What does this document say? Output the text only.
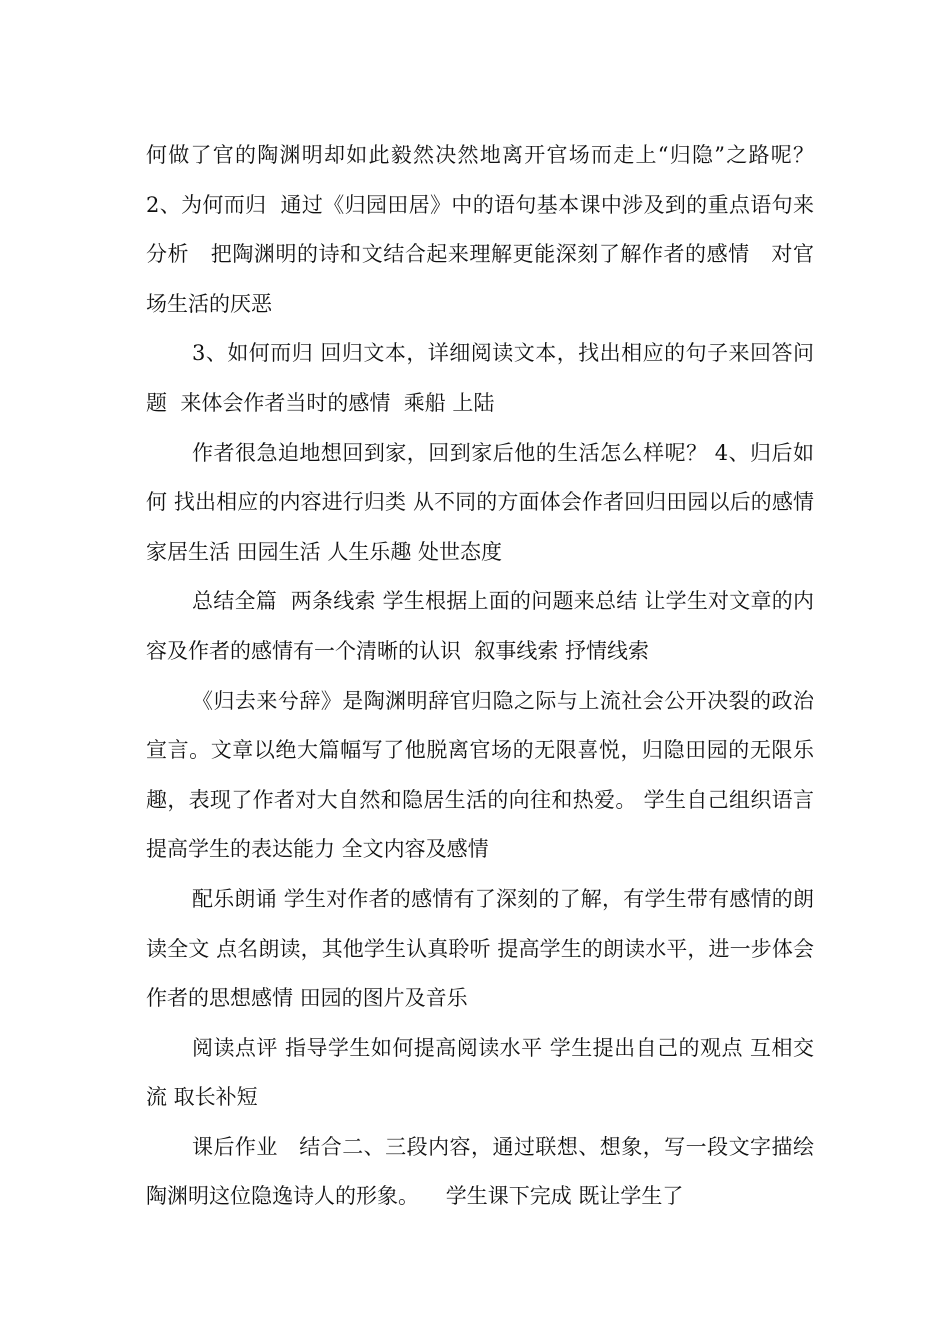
何做了官的陶渊明却如此毅然决然地离开官场而走上“归隐”之路呢？ 2、为何而归  通过《归园田居》中的语句基本课中涉及到的重点语句来分析   把陶渊明的诗和文结合起来理解更能深刻了解作者的感情   对官场生活的厌恶

3、如何而归 回归文本，详细阅读文本，找出相应的句子来回答问题  来体会作者当时的感情  乘船 上陆

作者很急迫地想回到家，回到家后他的生活怎么样呢？ 4、归后如何 找出相应的内容进行归类 从不同的方面体会作者回归田园以后的感情 家居生活 田园生活 人生乐趣 处世态度

总结全篇  两条线索 学生根据上面的问题来总结 让学生对文章的内容及作者的感情有一个清晰的认识  叙事线索 抒情线索

《归去来兮辞》是陶渊明辞官归隐之际与上流社会公开决裂的政治宣言。文章以绝大篇幅写了他脱离官场的无限喜悦，归隐田园的无限乐趣，表现了作者对大自然和隐居生活的向往和热爱。 学生自己组织语言  提高学生的表达能力 全文内容及感情

配乐朗诵 学生对作者的感情有了深刻的了解，有学生带有感情的朗读全文 点名朗读，其他学生认真聆听 提高学生的朗读水平，进一步体会作者的思想感情 田园的图片及音乐

阅读点评 指导学生如何提高阅读水平 学生提出自己的观点 互相交流 取长补短

课后作业   结合二、三段内容，通过联想、想象，写一段文字描绘陶渊明这位隐逸诗人的形象。    学生课下完成 既让学生了
